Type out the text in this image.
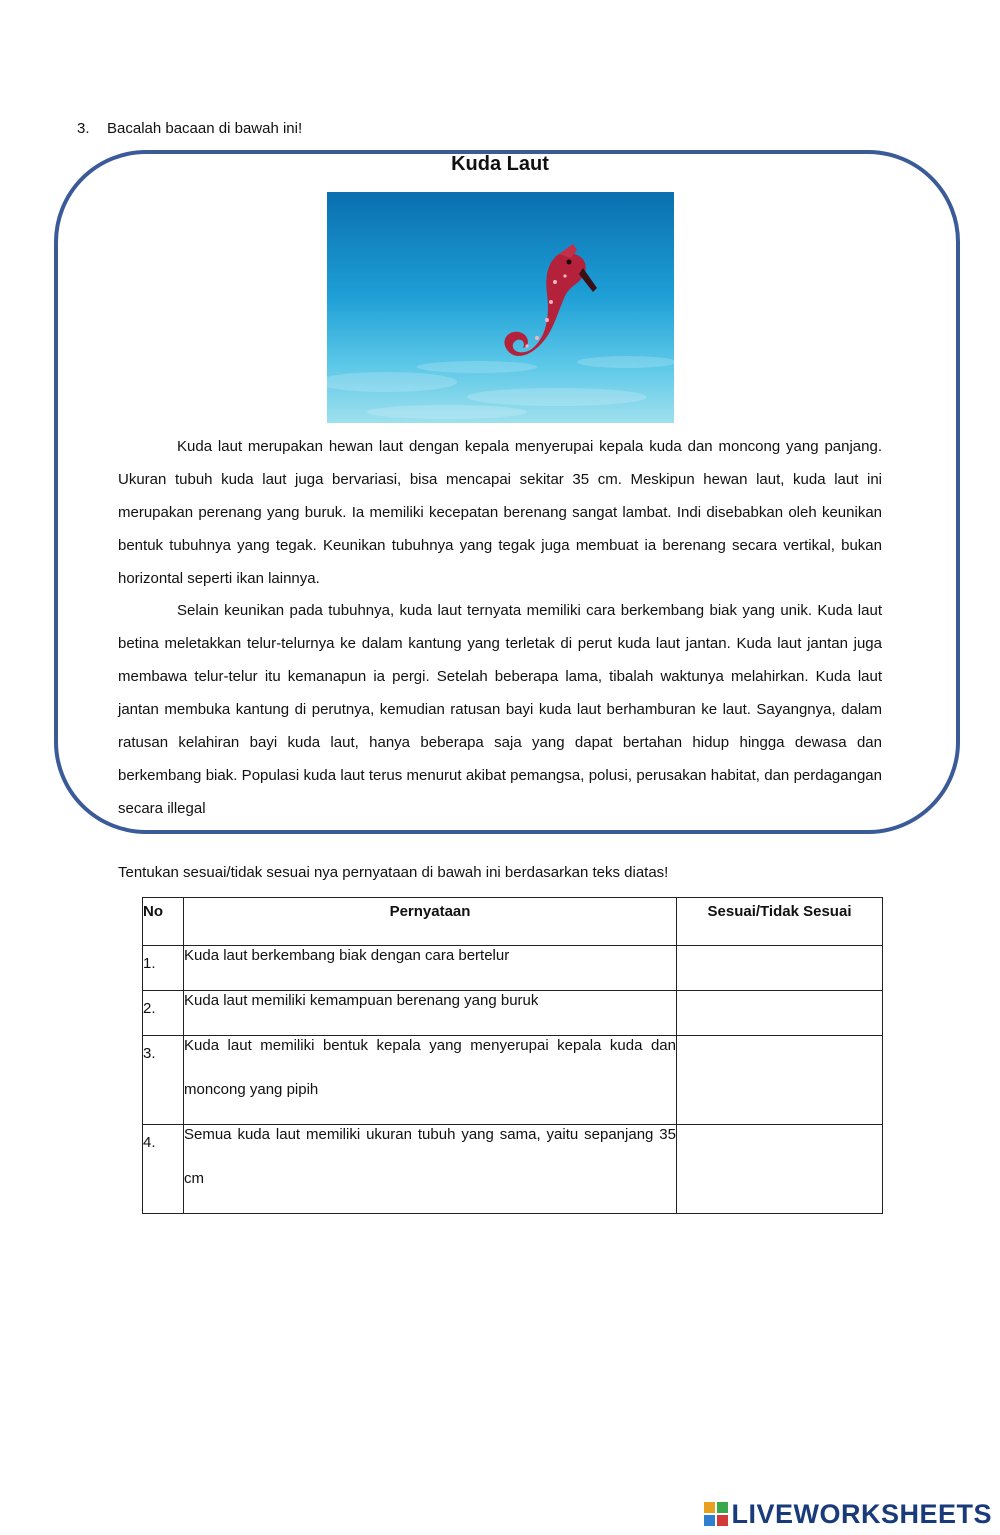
3. Bacalah bacaan di bawah ini!
Kuda Laut

Kuda laut merupakan hewan laut dengan kepala menyerupai kepala kuda dan moncong yang panjang. Ukuran tubuh kuda laut juga bervariasi, bisa mencapai sekitar 35 cm. Meskipun hewan laut, kuda laut ini merupakan perenang yang buruk. Ia memiliki kecepatan berenang sangat lambat. Indi disebabkan oleh keunikan bentuk tubuhnya yang tegak. Keunikan tubuhnya yang tegak juga membuat ia berenang secara vertikal, bukan horizontal seperti ikan lainnya.

Selain keunikan pada tubuhnya, kuda laut ternyata memiliki cara berkembang biak yang unik. Kuda laut betina meletakkan telur-telurnya ke dalam kantung yang terletak di perut kuda laut jantan. Kuda laut jantan juga membawa telur-telur itu kemanapun ia pergi. Setelah beberapa lama, tibalah waktunya melahirkan. Kuda laut jantan membuka kantung di perutnya, kemudian ratusan bayi kuda laut berhamburan ke laut. Sayangnya, dalam ratusan kelahiran bayi kuda laut, hanya beberapa saja yang dapat bertahan hidup hingga dewasa dan berkembang biak. Populasi kuda laut terus menurut akibat pemangsa, polusi, perusakan habitat, dan perdagangan secara illegal

Tentukan sesuai/tidak sesuai nya pernyataan di bawah ini berdasarkan teks diatas!
No	Pernyataan	Sesuai/Tidak Sesuai

1.	Kuda laut berkembang biak dengan cara bertelur	

2.	Kuda laut memiliki kemampuan berenang yang buruk	

3.	Kuda laut memiliki bentuk kepala yang menyerupai kepala kuda dan moncong yang pipih	

4.	Semua kuda laut memiliki ukuran tubuh yang sama, yaitu sepanjang 35 cm	

LIVEWORKSHEETS
